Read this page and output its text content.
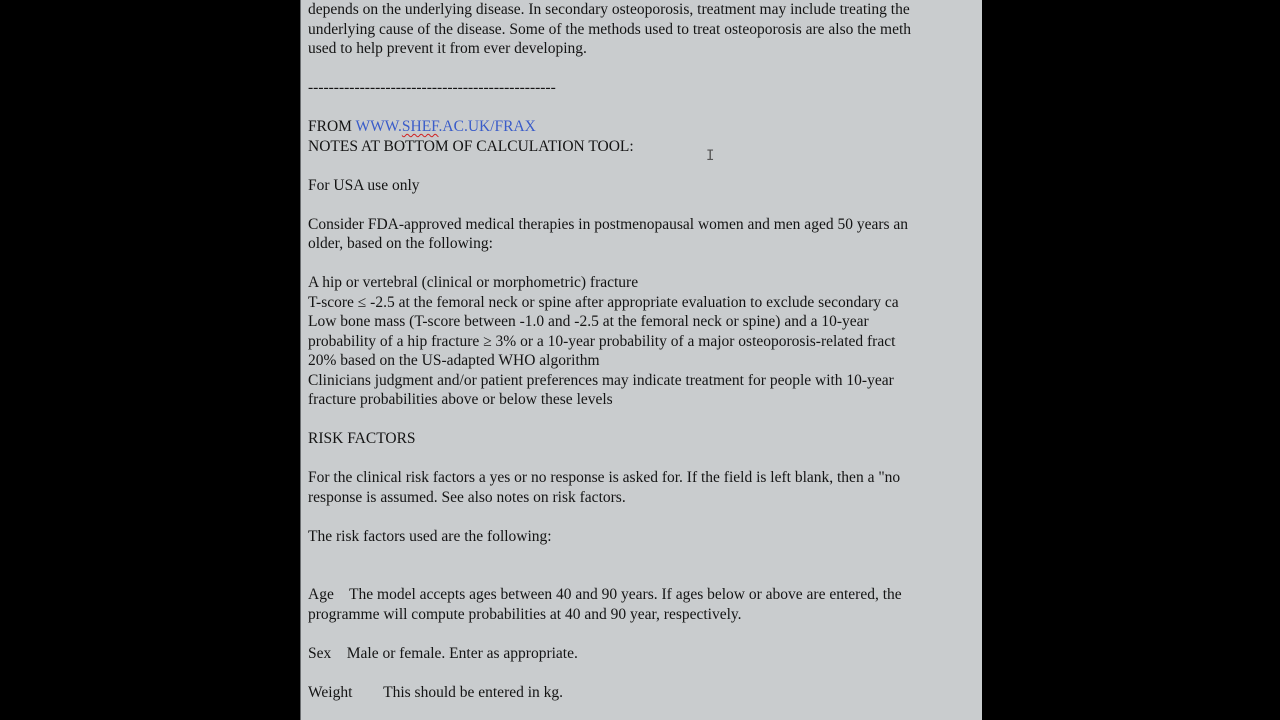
depends on the underlying disease. In secondary osteoporosis, treatment may include treating the
underlying cause of the disease. Some of the methods used to treat osteoporosis are also the meth
used to help prevent it from ever developing.
------------------------------------------------
FROM WWW.SHEF.AC.UK/FRAX
NOTES AT BOTTOM OF CALCULATION TOOL:
For USA use only
Consider FDA-approved medical therapies in postmenopausal women and men aged 50 years an
older, based on the following:
A hip or vertebral (clinical or morphometric) fracture
T-score ≤ -2.5 at the femoral neck or spine after appropriate evaluation to exclude secondary ca
Low bone mass (T-score between -1.0 and -2.5 at the femoral neck or spine) and a 10-year
probability of a hip fracture ≥ 3% or a 10-year probability of a major osteoporosis-related fract
20% based on the US-adapted WHO algorithm
Clinicians judgment and/or patient preferences may indicate treatment for people with 10-year
fracture probabilities above or below these levels
RISK FACTORS
For the clinical risk factors a yes or no response is asked for. If the field is left blank, then a "no
response is assumed. See also notes on risk factors.
The risk factors used are the following:
Age    The model accepts ages between 40 and 90 years. If ages below or above are entered, the
programme will compute probabilities at 40 and 90 year, respectively.
Sex    Male or female. Enter as appropriate.
Weight        This should be entered in kg.
I
